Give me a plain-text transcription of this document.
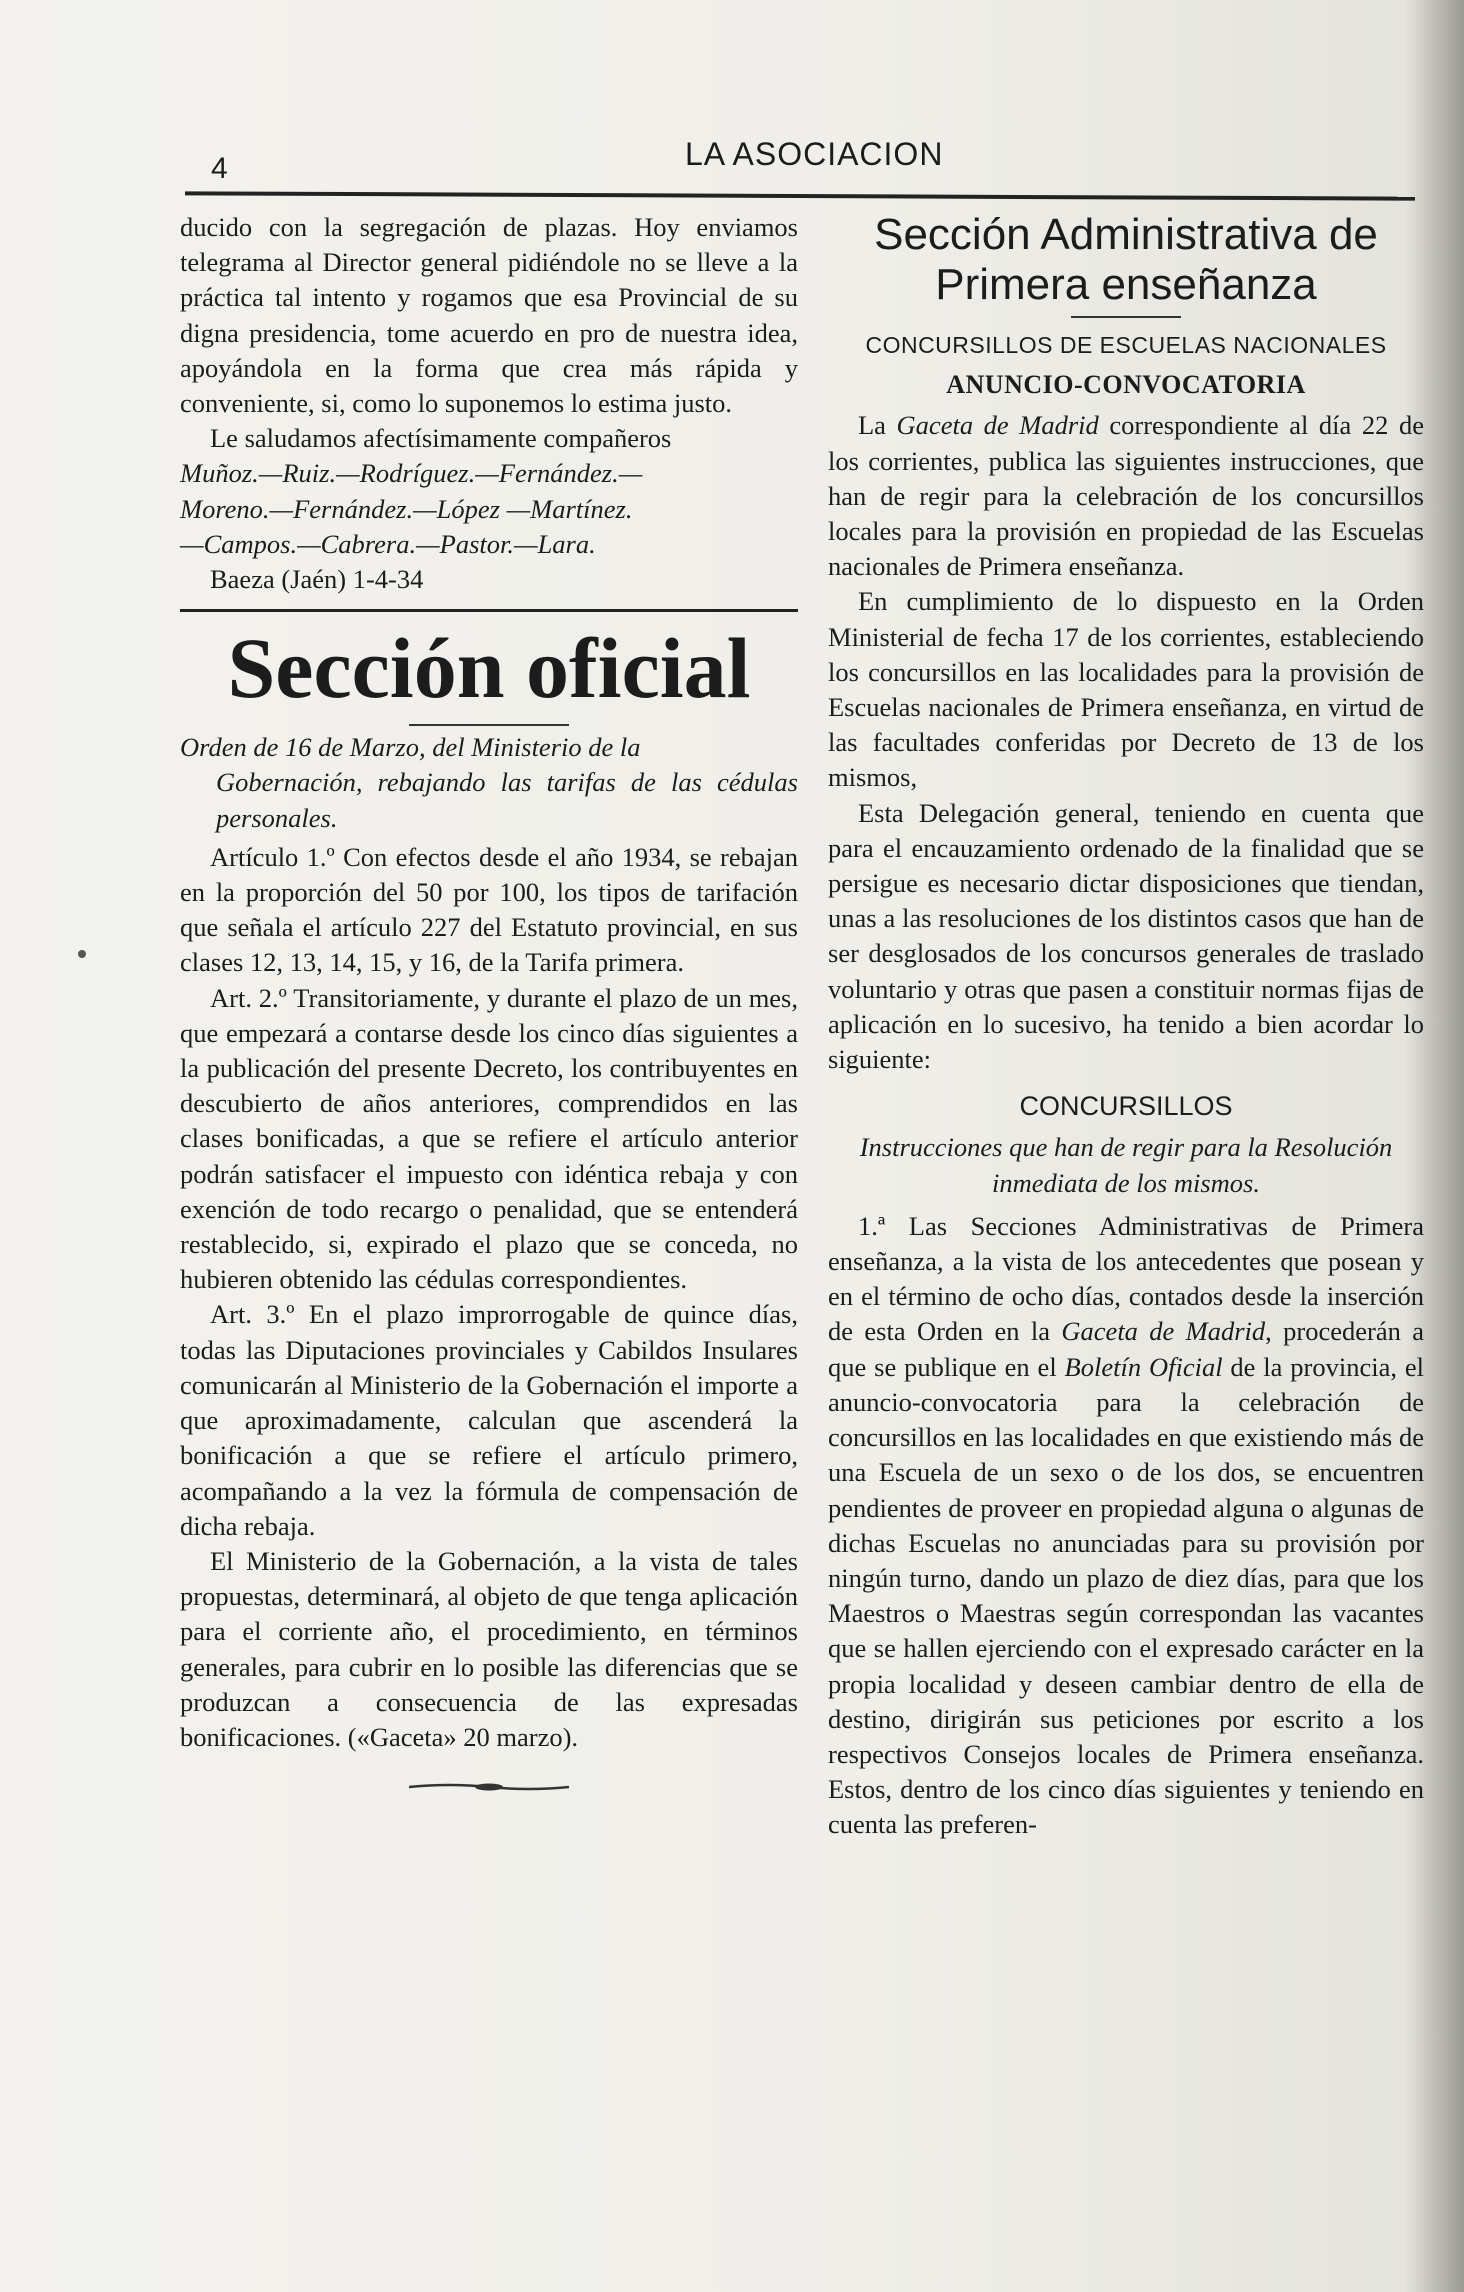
4	LA ASOCIACION

ducido con la segregación de plazas. Hoy enviamos telegrama al Director general pidiéndole no se lleve a la práctica tal intento y rogamos que esa Provincial de su digna presidencia, tome acuerdo en pro de nuestra idea, apoyándola en la forma que crea más rápida y conveniente, si, como lo suponemos lo estima justo.

Le saludamos afectísimamente compañeros

Muñoz.—Ruiz.—Rodríguez.—Fernández.—

Moreno.—Fernández.—López —Martínez.

—Campos.—Cabrera.—Pastor.—Lara.

Baeza (Jaén) 1-4-34

Sección oficial
Orden de 16 de Marzo, del Ministerio de la
Gobernación, rebajando las tarifas de las cédulas personales.

Artículo 1.º Con efectos desde el año 1934, se rebajan en la proporción del 50 por 100, los tipos de tarifación que señala el artículo 227 del Estatuto provincial, en sus clases 12, 13, 14, 15, y 16, de la Tarifa primera.

Art. 2.º Transitoriamente, y durante el plazo de un mes, que empezará a contarse desde los cinco días siguientes a la publicación del presente Decreto, los contribuyentes en descubierto de años anteriores, comprendidos en las clases bonificadas, a que se refiere el artículo anterior podrán satisfacer el impuesto con idéntica rebaja y con exención de todo recargo o penalidad, que se entenderá restablecido, si, expirado el plazo que se conceda, no hubieren obtenido las cédulas correspondientes.

Art. 3.º En el plazo improrrogable de quince días, todas las Diputaciones provinciales y Cabildos Insulares comunicarán al Ministerio de la Gobernación el importe a que aproximadamente, calculan que ascenderá la bonificación a que se refiere el artículo primero, acompañando a la vez la fórmula de compensación de dicha rebaja.

El Ministerio de la Gobernación, a la vista de tales propuestas, determinará, al objeto de que tenga aplicación para el corriente año, el procedimiento, en términos generales, para cubrir en lo posible las diferencias que se produzcan a consecuencia de las expresadas bonificaciones. («Gaceta» 20 marzo).

Sección Administrativa de

Primera enseñanza

CONCURSILLOS DE ESCUELAS NACIONALES
ANUNCIO-CONVOCATORIA

La Gaceta de Madrid correspondiente al día 22 de los corrientes, publica las siguientes instrucciones, que han de regir para la celebración de los concursillos locales para la provisión en propiedad de las Escuelas nacionales de Primera enseñanza.

En cumplimiento de lo dispuesto en la Orden Ministerial de fecha 17 de los corrientes, estableciendo los concursillos en las localidades para la provisión de Escuelas nacionales de Primera enseñanza, en virtud de las facultades conferidas por Decreto de 13 de los mismos,

Esta Delegación general, teniendo en cuenta que para el encauzamiento ordenado de la finalidad que se persigue es necesario dictar disposiciones que tiendan, unas a las resoluciones de los distintos casos que han de ser desglosados de los concursos generales de traslado voluntario y otras que pasen a constituir normas fijas de aplicación en lo sucesivo, ha tenido a bien acordar lo siguiente:

CONCURSILLOS
Instrucciones que han de regir para la Resolución inmediata de los mismos.

1.ª Las Secciones Administrativas de Primera enseñanza, a la vista de los antecedentes que posean y en el término de ocho días, contados desde la inserción de esta Orden en la Gaceta de Madrid, procederán a que se publique en el Boletín Oficial de la provincia, el anuncio-convocatoria para la celebración de concursillos en las localidades en que existiendo más de una Escuela de un sexo o de los dos, se encuentren pendientes de proveer en propiedad alguna o algunas de dichas Escuelas no anunciadas para su provisión por ningún turno, dando un plazo de diez días, para que los Maestros o Maestras según correspondan las vacantes que se hallen ejerciendo con el expresado carácter en la propia localidad y deseen cambiar dentro de ella de destino, dirigirán sus peticiones por escrito a los respectivos Consejos locales de Primera enseñanza. Estos, dentro de los cinco días siguientes y teniendo en cuenta las preferen-
